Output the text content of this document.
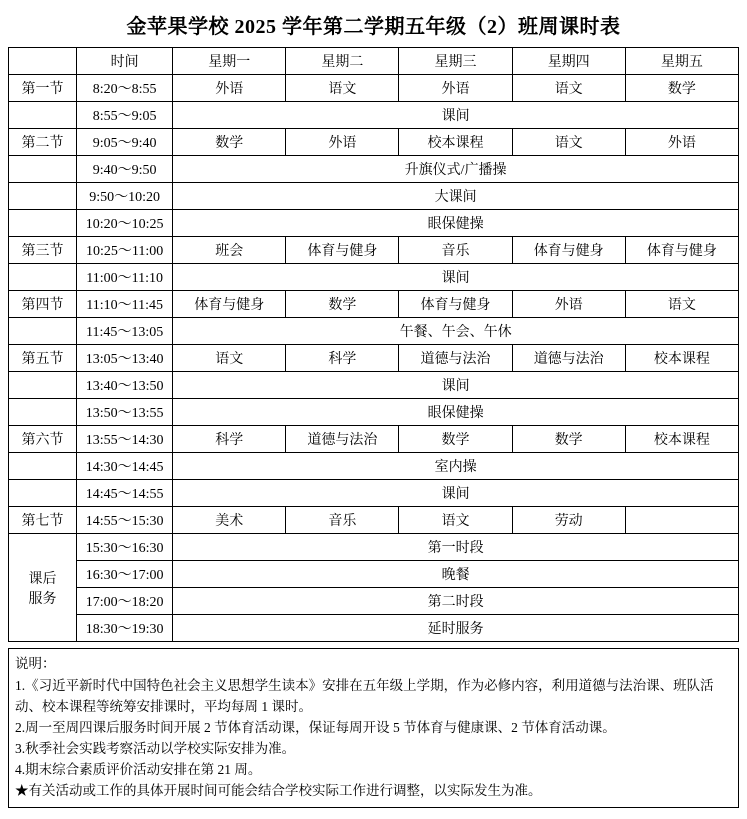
金苹果学校 2025 学年第二学期五年级（2）班周课时表
	时间	星期一	星期二	星期三	星期四	星期五
第一节	8:20～8:55	外语	语文	外语	语文	数学
	8:55～9:05	课间				
第二节	9:05～9:40	数学	外语	校本课程	语文	外语
	9:40～9:50	升旗仪式/广播操				
	9:50～10:20	大课间				
	10:20～10:25	眼保健操				
第三节	10:25～11:00	班会	体育与健身	音乐	体育与健身	体育与健身
	11:00～11:10	课间				
第四节	11:10～11:45	体育与健身	数学	体育与健身	外语	语文
	11:45～13:05	午餐、午会、午休				
第五节	13:05～13:40	语文	科学	道德与法治	道德与法治	校本课程
	13:40～13:50	课间				
	13:50～13:55	眼保健操				
第六节	13:55～14:30	科学	道德与法治	数学	数学	校本课程
	14:30～14:45	室内操				
	14:45～14:55	课间				
第七节	14:55～15:30	美术	音乐	语文	劳动	
课后
服务	15:30～16:30	第一时段				
	16:30～17:00	晚餐				
	17:00～18:20	第二时段				
	18:30～19:30	延时服务				
说明：
1.《习近平新时代中国特色社会主义思想学生读本》安排在五年级上学期，作为必修内容，利用道德与法治课、班队活动、校本课程等统筹安排课时，平均每周 1 课时。
2.周一至周四课后服务时间开展 2 节体育活动课，保证每周开设 5 节体育与健康课、2 节体育活动课。
3.秋季社会实践考察活动以学校实际安排为准。
4.期末综合素质评价活动安排在第 21 周。
★有关活动或工作的具体开展时间可能会结合学校实际工作进行调整，以实际发生为准。
